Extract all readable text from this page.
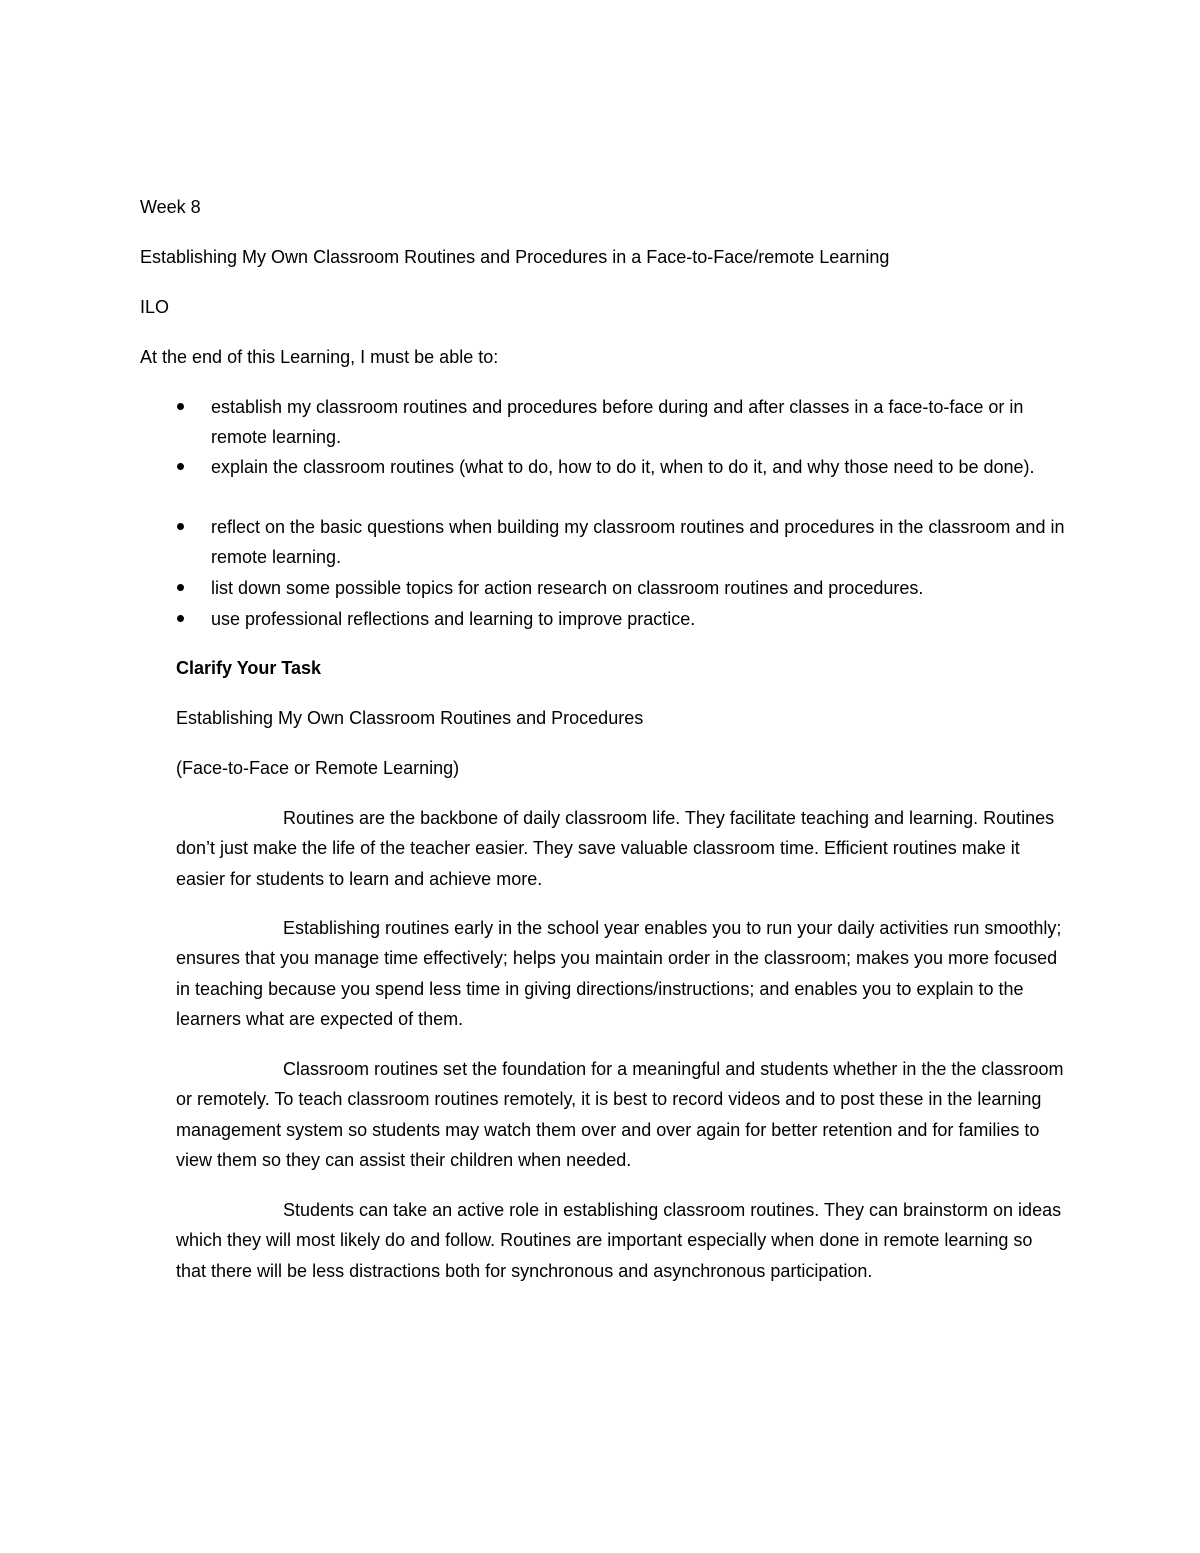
Week 8

Establishing My Own Classroom Routines and Procedures in a Face-to-Face/remote Learning

ILO

At the end of this Learning, I must be able to:

establish my classroom routines and procedures before during and after classes in a face-to-face or in remote learning.
explain the classroom routines (what to do, how to do it, when to do it, and why those need to be done).
reflect on the basic questions when building my classroom routines and procedures in the classroom and in remote learning.
list down some possible topics for action research on classroom routines and procedures.
use professional reflections and learning to improve practice.

Clarify Your Task

Establishing My Own Classroom Routines and Procedures

(Face-to-Face or Remote Learning)

Routines are the backbone of daily classroom life. They facilitate teaching and learning. Routines don’t just make the life of the teacher easier. They save valuable classroom time. Efficient routines make it easier for students to learn and achieve more.
Establishing routines early in the school year enables you to run your daily activities run smoothly; ensures that you manage time effectively; helps you maintain order in the classroom; makes you more focused in teaching because you spend less time in giving directions/instructions; and enables you to explain to the learners what are expected of them.
Classroom routines set the foundation for a meaningful and students whether in the the classroom or remotely. To teach classroom routines remotely, it is best to record videos and to post these in the learning management system so students may watch them over and over again for better retention and for families to view them so they can assist their children when needed.
Students can take an active role in establishing classroom routines. They can brainstorm on ideas which they will most likely do and follow. Routines are important especially when done in remote learning so that there will be less distractions both for synchronous and asynchronous participation.
